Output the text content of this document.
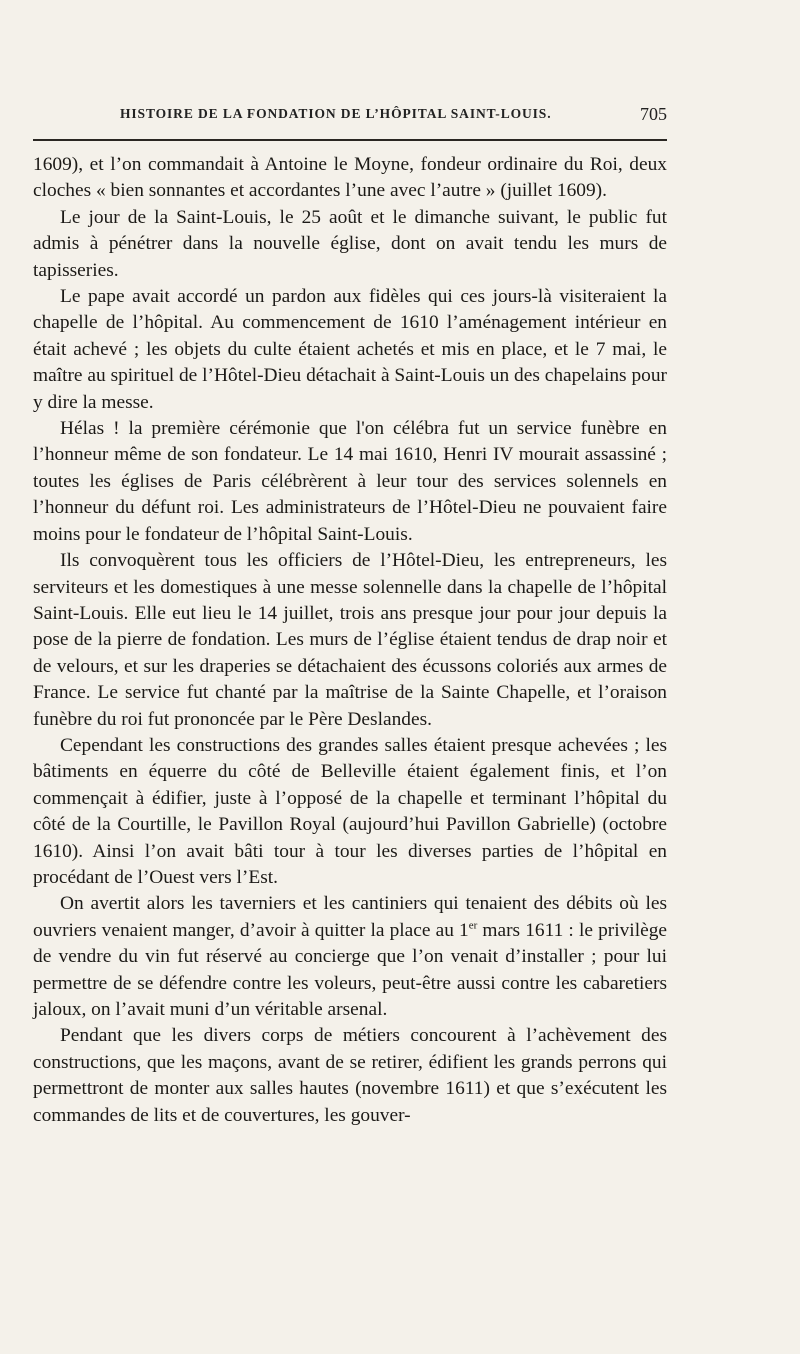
HISTOIRE DE LA FONDATION DE L’HÔPITAL SAINT-LOUIS.	705

1609), et l’on commandait à Antoine le Moyne, fondeur ordinaire du Roi, deux cloches « bien sonnantes et accordantes l’une avec l’autre » (juillet 1609).

Le jour de la Saint-Louis, le 25 août et le dimanche suivant, le public fut admis à pénétrer dans la nouvelle église, dont on avait tendu les murs de tapisseries.

Le pape avait accordé un pardon aux fidèles qui ces jours-là visiteraient la chapelle de l’hôpital. Au commencement de 1610 l’aménagement intérieur en était achevé ; les objets du culte étaient achetés et mis en place, et le 7 mai, le maître au spirituel de l’Hôtel-Dieu détachait à Saint-Louis un des chapelains pour y dire la messe.

Hélas ! la première cérémonie que l'on célébra fut un service funèbre en l’honneur même de son fondateur. Le 14 mai 1610, Henri IV mourait assassiné ; toutes les églises de Paris célébrèrent à leur tour des services solennels en l’honneur du défunt roi. Les administrateurs de l’Hôtel-Dieu ne pouvaient faire moins pour le fondateur de l’hôpital Saint-Louis.

Ils convoquèrent tous les officiers de l’Hôtel-Dieu, les entrepreneurs, les serviteurs et les domestiques à une messe solennelle dans la chapelle de l’hôpital Saint-Louis. Elle eut lieu le 14 juillet, trois ans presque jour pour jour depuis la pose de la pierre de fondation. Les murs de l’église étaient tendus de drap noir et de velours, et sur les draperies se détachaient des écussons coloriés aux armes de France. Le service fut chanté par la maîtrise de la Sainte Chapelle, et l’oraison funèbre du roi fut prononcée par le Père Deslandes.

Cependant les constructions des grandes salles étaient presque achevées ; les bâtiments en équerre du côté de Belleville étaient également finis, et l’on commençait à édifier, juste à l’opposé de la chapelle et terminant l’hôpital du côté de la Courtille, le Pavillon Royal (aujourd’hui Pavillon Gabrielle) (octobre 1610). Ainsi l’on avait bâti tour à tour les diverses parties de l’hôpital en procédant de l’Ouest vers l’Est.

On avertit alors les taverniers et les cantiniers qui tenaient des débits où les ouvriers venaient manger, d’avoir à quitter la place au 1er mars 1611 : le privilège de vendre du vin fut réservé au concierge que l’on venait d’installer ; pour lui permettre de se défendre contre les voleurs, peut-être aussi contre les cabaretiers jaloux, on l’avait muni d’un véritable arsenal.

Pendant que les divers corps de métiers concourent à l’achèvement des constructions, que les maçons, avant de se retirer, édifient les grands perrons qui permettront de monter aux salles hautes (novembre 1611) et que s’exécutent les commandes de lits et de couvertures, les gouver-
